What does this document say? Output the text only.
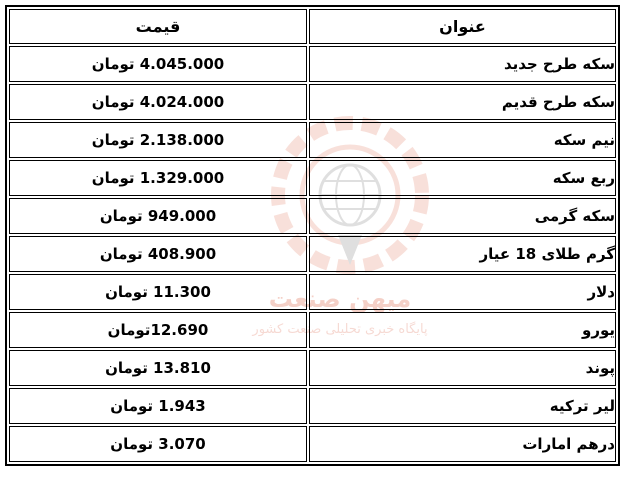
میهن صنعت
پایگاه خبری تحلیلی صنعت کشور
عنوان	قیمت
سکه طرح جدید	4.045.000 تومان
سکه طرح قدیم	4.024.000 تومان
نیم سکه	2.138.000 تومان
ربع سکه	1.329.000 تومان
سکه گرمی	949.000 تومان
گرم طلای 18 عیار	408.900 تومان
دلار	11.300 تومان
یورو	12.690تومان
پوند	13.810 تومان
لیر ترکیه	1.943 تومان
درهم امارات	3.070 تومان
